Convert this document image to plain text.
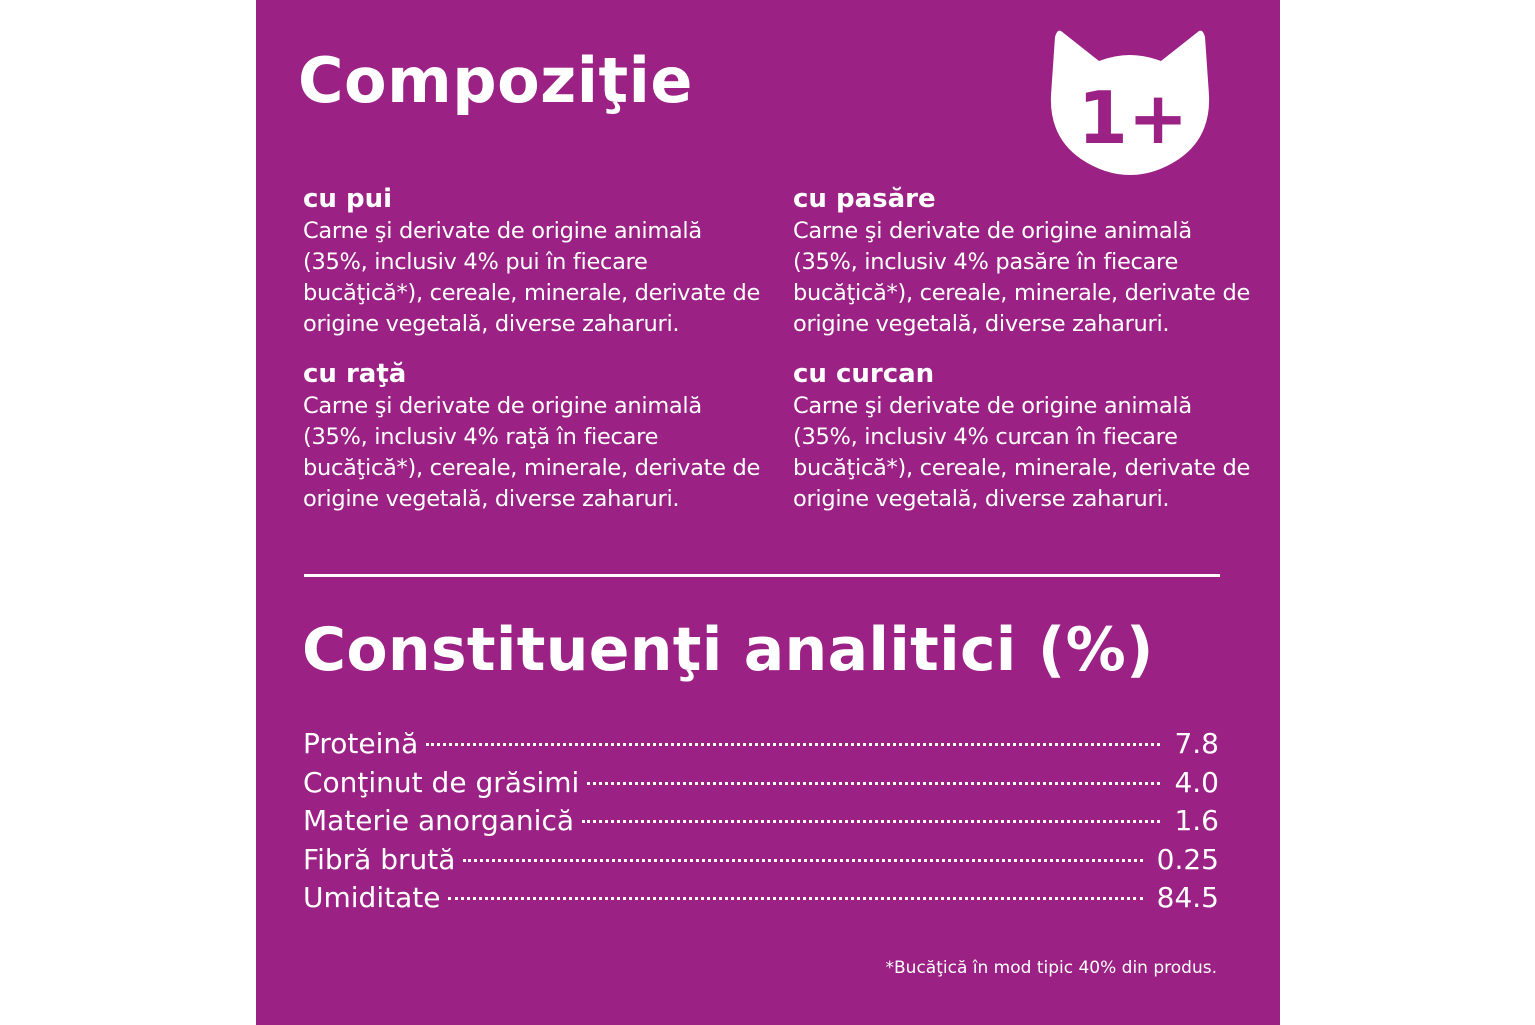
Compoziţie	1+
cu pui

Carne şi derivate de origine animală (35%, inclusiv 4% pui în fiecare bucăţică*), cereale, minerale, derivate de origine vegetală, diverse zaharuri.

cu pasăre

Carne şi derivate de origine animală (35%, inclusiv 4% pasăre în fiecare bucăţică*), cereale, minerale, derivate de origine vegetală, diverse zaharuri.

cu raţă

Carne şi derivate de origine animală (35%, inclusiv 4% raţă în fiecare bucăţică*), cereale, minerale, derivate de origine vegetală, diverse zaharuri.

cu curcan

Carne şi derivate de origine animală (35%, inclusiv 4% curcan în fiecare bucăţică*), cereale, minerale, derivate de origine vegetală, diverse zaharuri.

Constituenţi analitici (%)
Proteină	7.8
Conţinut de grăsimi	4.0
Materie anorganică	1.6
Fibră brută	0.25
Umiditate	84.5

*Bucăţică în mod tipic 40% din produs.
